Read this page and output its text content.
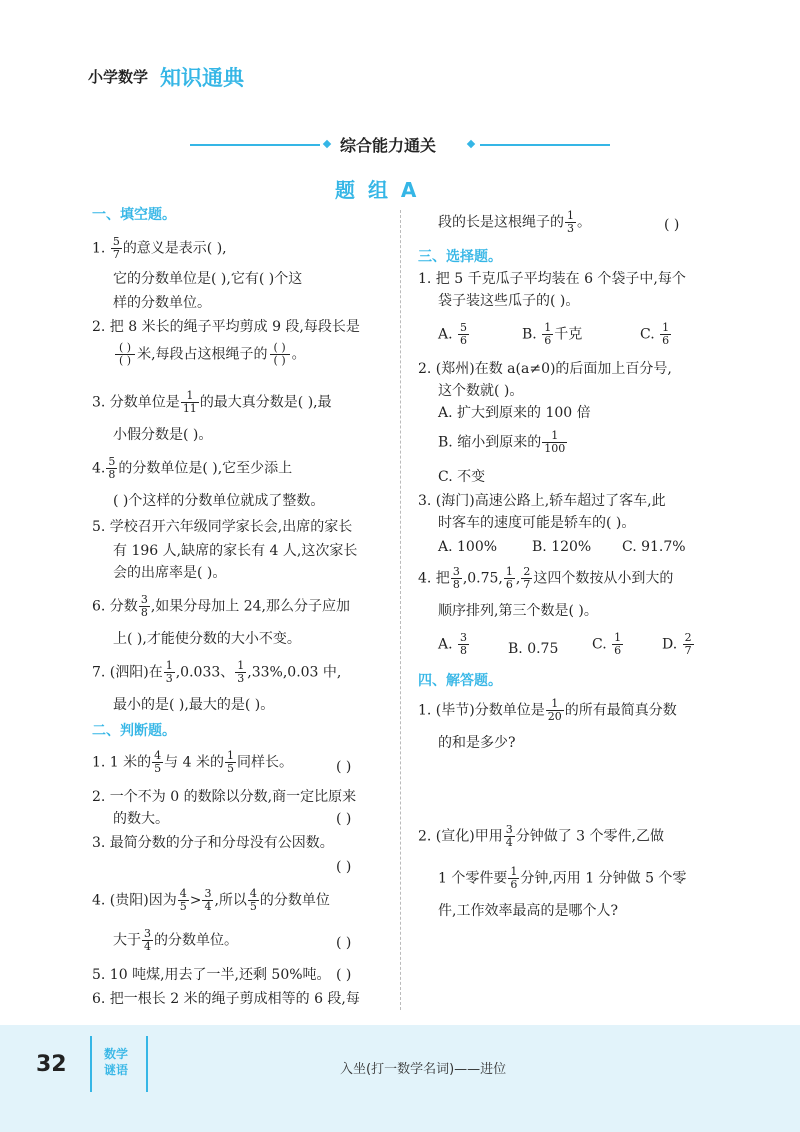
小学数学 知识通典
综合能力通关
题 组 A
一、填空题。
1. $\frac{5}{7}$ 的意义是表示( ),
它的分数单位是( ),它有( )个这
样的分数单位。
2. 把 8 米长的绳子平均剪成 9 段,每段长是
$\frac{( )}{( )}$ 米,每段占这根绳子的 $\frac{( )}{( )}$ 。
3. 分数单位是 $\frac{1}{11}$ 的最大真分数是( ),最
小假分数是( )。
4. $\frac{5}{8}$ 的分数单位是( ),它至少添上
( )个这样的分数单位就成了整数。
5. 学校召开六年级同学家长会,出席的家长
有 196 人,缺席的家长有 4 人,这次家长
会的出席率是( )。
6. 分数 $\frac{3}{8}$ ,如果分母加上 24,那么分子应加
上( ),才能使分数的大小不变。
7. (泗阳)在 $\frac{1}{3} ,0.033$、 $\frac{1}{3} ,33\%,0.03$ 中,
最小的是( ),最大的是( )。
二、判断题。
1. 1 米的 $\frac{4}{5}$ 与 4 米的 $\frac{1}{5}$ 同样长。	( )
2. 一个不为 0 的数除以分数,商一定比原来
的数大。	( )
3. 最简分数的分子和分母没有公因数。
( )
4. (贵阳)因为 $\frac{4}{5} > \frac{3}{4}$ ,所以 $\frac{4}{5}$ 的分数单位
大于 $\frac{3}{4}$ 的分数单位。	( )
5. 10 吨煤,用去了一半,还剩 50%吨。 ( )
6. 把一根长 2 米的绳子剪成相等的 6 段,每
段的长是这根绳子的 $\frac{1}{3}$ 。	( )
三、选择题。
1. 把 5 千克瓜子平均装在 6 个袋子中,每个
袋子装这些瓜子的( )。
A. $\frac{5}{6}$	B. $\frac{1}{6}$ 千克	C. $\frac{1}{6}$
2. (郑州)在数 a(a≠0)的后面加上百分号,
这个数就( )。
A. 扩大到原来的 100 倍
B. 缩小到原来的 $\frac{1}{100}$
C. 不变
3. (海门)高速公路上,轿车超过了客车,此
时客车的速度可能是轿车的( )。
A. 100% B. 120% C. 91.7%
4. 把 $\frac{3}{8} ,0.75$, $\frac{1}{6}$ , $\frac{2}{7}$ 这四个数按从小到大的
顺序排列,第三个数是( )。
A. $\frac{3}{8}$	B. 0.75 C. $\frac{1}{6}$	D. $\frac{2}{7}$
四、解答题。
1. (毕节)分数单位是 $\frac{1}{20}$ 的所有最简真分数
的和是多少?
2. (宣化)甲用 $\frac{3}{4}$ 分钟做了 3 个零件,乙做
1 个零件要 $\frac{1}{6}$ 分钟,丙用 1 分钟做 5 个零
件,工作效率最高的是哪个人?
32	数学谜语	入坐(打一数学名词)——进位
